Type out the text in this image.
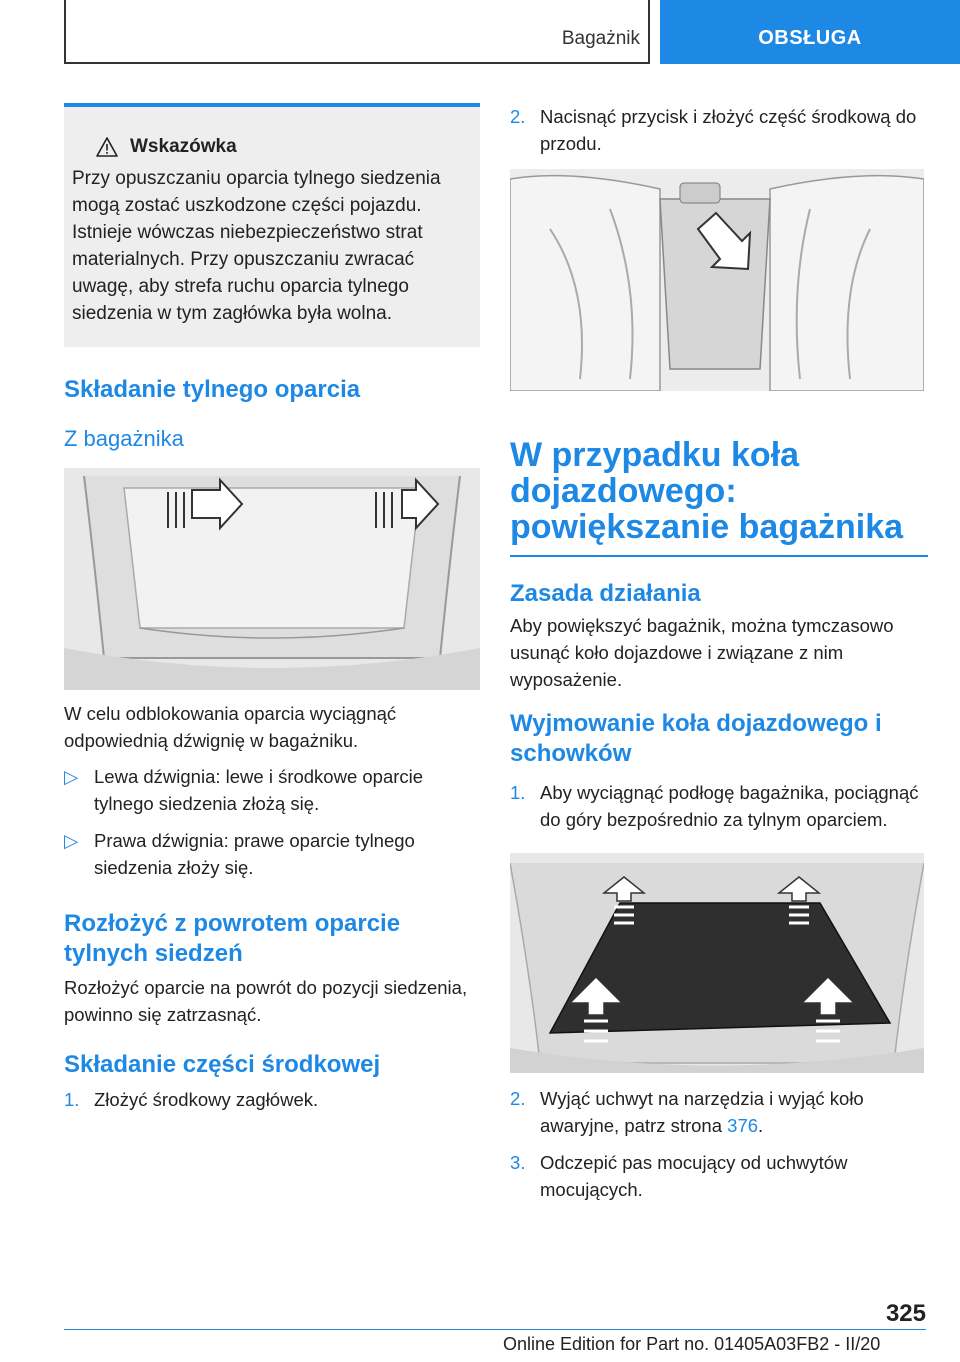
Bagażnik	OBSŁUGA
Wskazówka

Przy opuszczaniu oparcia tylnego siedzenia mogą zostać uszkodzone części pojazdu. Istnieje wówczas niebezpieczeństwo strat materialnych. Przy opuszczaniu zwracać uwagę, aby strefa ruchu oparcia tylnego siedzenia w tym zagłówka była wolna.

Składanie tylnego oparcia
Z bagażnika

W celu odblokowania oparcia wyciągnąć odpowiednią dźwignię w bagażniku.

▷ Lewa dźwignia: lewe i środkowe oparcie tylnego siedzenia złożą się.
▷ Prawa dźwignia: prawe oparcie tylnego siedzenia złoży się.
Rozłożyć z powrotem oparcie tylnych siedzeń

Rozłożyć oparcie na powrót do pozycji siedzenia, powinno się zatrzasnąć.

Składanie części środkowej
1. Złożyć środkowy zagłówek.
2. Nacisnąć przycisk i złożyć część środkową do przodu.
W przypadku koła dojazdowego: powiększanie bagażnika
Zasada działania

Aby powiększyć bagażnik, można tymczasowo usunąć koło dojazdowe i związane z nim wyposażenie.

Wyjmowanie koła dojazdowego i schowków
1. Aby wyciągnąć podłogę bagażnika, pociągnąć do góry bezpośrednio za tylnym oparciem.
2. Wyjąć uchwyt na narzędzia i wyjąć koło awaryjne, patrz strona 376.
3. Odczepić pas mocujący od uchwytów mocujących.
325
Online Edition for Part no. 01405A03FB2 - II/20
